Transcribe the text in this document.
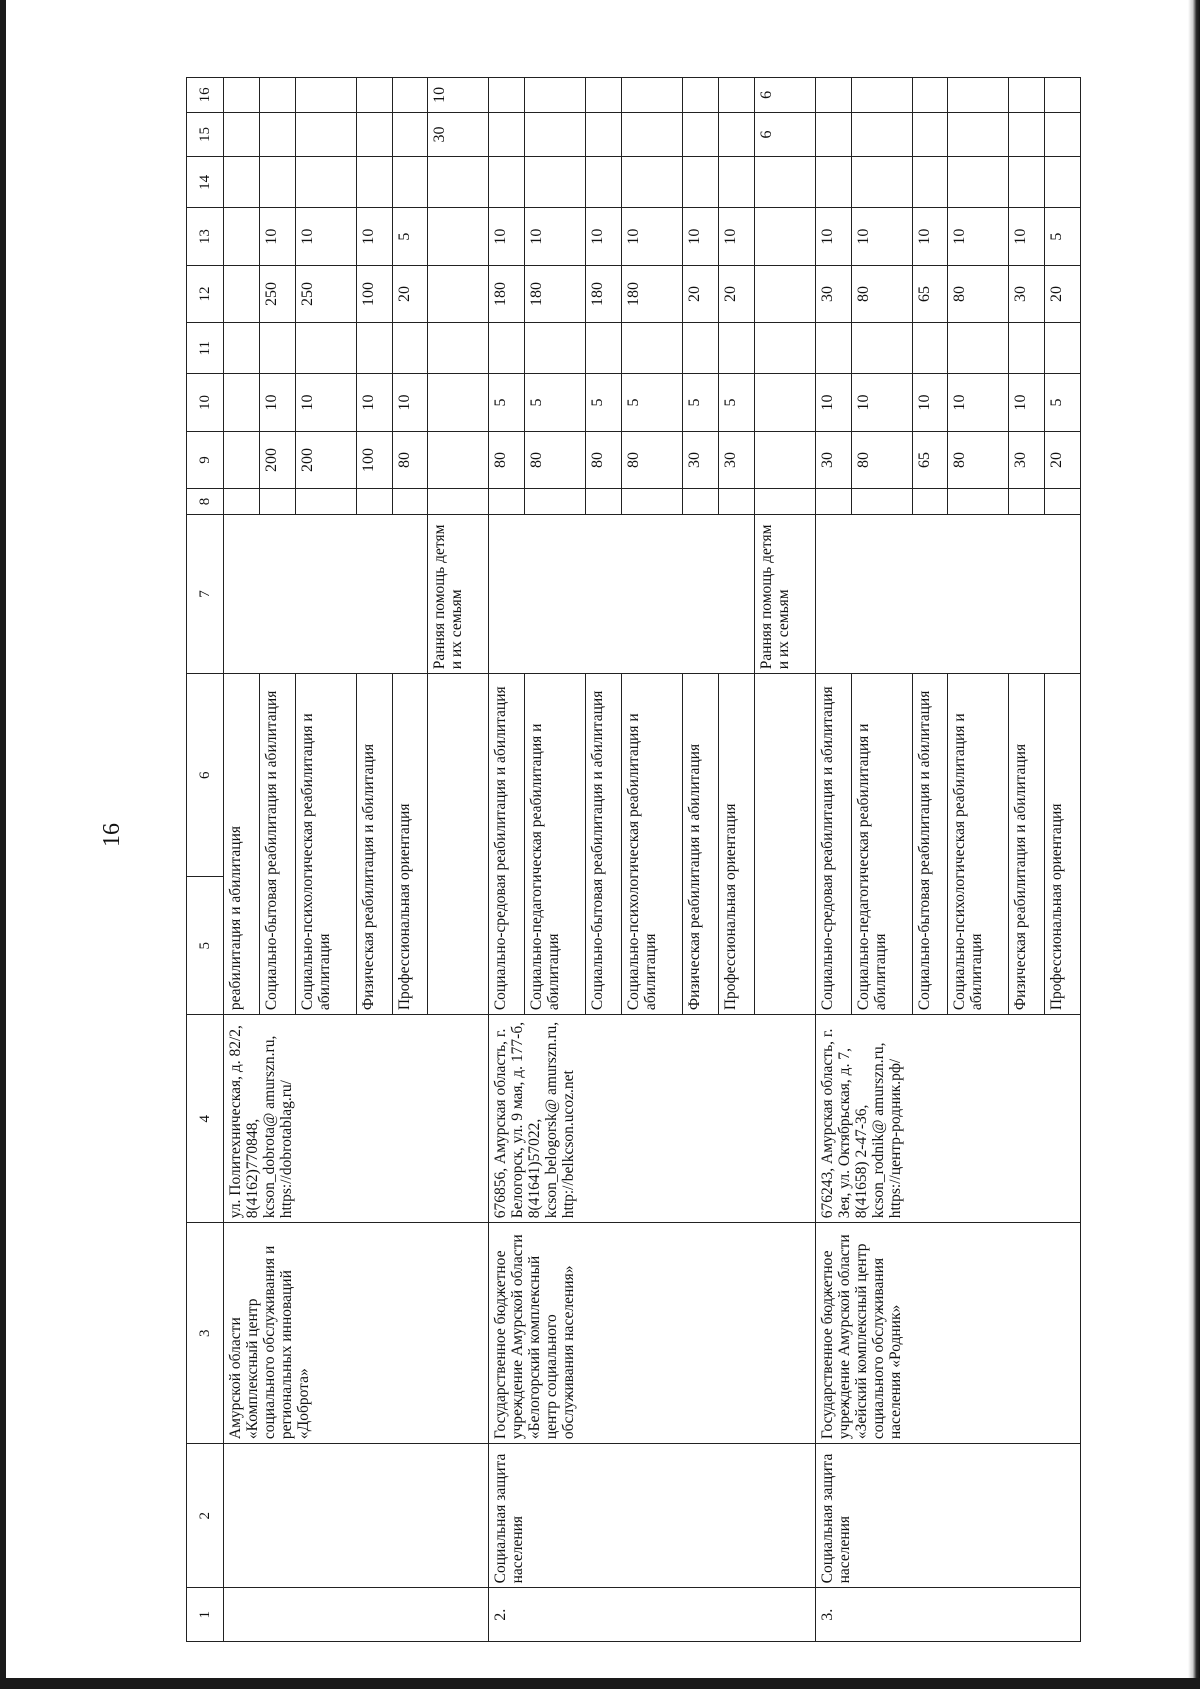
16
1	2	3	4	5	6	7	8	9	10	11	12	13	14	15	16
		Амурской области «Комплексный центр социального обслуживания и региональных инноваций «Доброта»	ул. Политехническая, д. 82/2, 8(4162)770848, kcson_dobrota@ amurszn.ru, https://dobrotablag.ru/	реабилитация и абилитация											
				Социально-бытовая реабилитация и абилитация				200	10		250	10			
				Социально-психологическая реабилитация и абилитация				200	10		250	10			
				Физическая реабилитация и абилитация				100	10		100	10			
				Профессиональная ориентация				80	10		20	5			
						Ранняя помощь детям и их семьям								30	10
2.	Социальная защита населения	Государственное бюджетное учреждение Амурской области «Белогорский комплексный центр социального обслуживания населения»	676856, Амурская область, г. Белогорск, ул. 9 мая, д. 177-б, 8(41641)57022, kcson_belogorsk@ amurszn.ru, http://belkcson.ucoz.net	Социально-средовая реабилитация и абилитация				80	5		180	10			
				Социально-педагогическая реабилитация и абилитация				80	5		180	10			
				Социально-бытовая реабилитация и абилитация				80	5		180	10			
				Социально-психологическая реабилитация и абилитация				80	5		180	10			
				Физическая реабилитация и абилитация				30	5		20	10			
				Профессиональная ориентация				30	5		20	10			
						Ранняя помощь детям и их семьям								6	6
3.	Социальная защита населения	Государственное бюджетное учреждение Амурской области «Зейский комплексный центр социального обслуживания населения «Родник»	676243, Амурская область, г. Зея, ул. Октябрьская, д. 7, 8(41658) 2-47-36, kcson_rodnik@ amurszn.ru, https://центр-родник.рф/	Социально-средовая реабилитация и абилитация				30	10		30	10			
				Социально-педагогическая реабилитация и абилитация				80	10		80	10			
				Социально-бытовая реабилитация и абилитация				65	10		65	10			
				Социально-психологическая реабилитация и абилитация				80	10		80	10			
				Физическая реабилитация и абилитация				30	10		30	10			
				Профессиональная ориентация				20	5		20	5			
